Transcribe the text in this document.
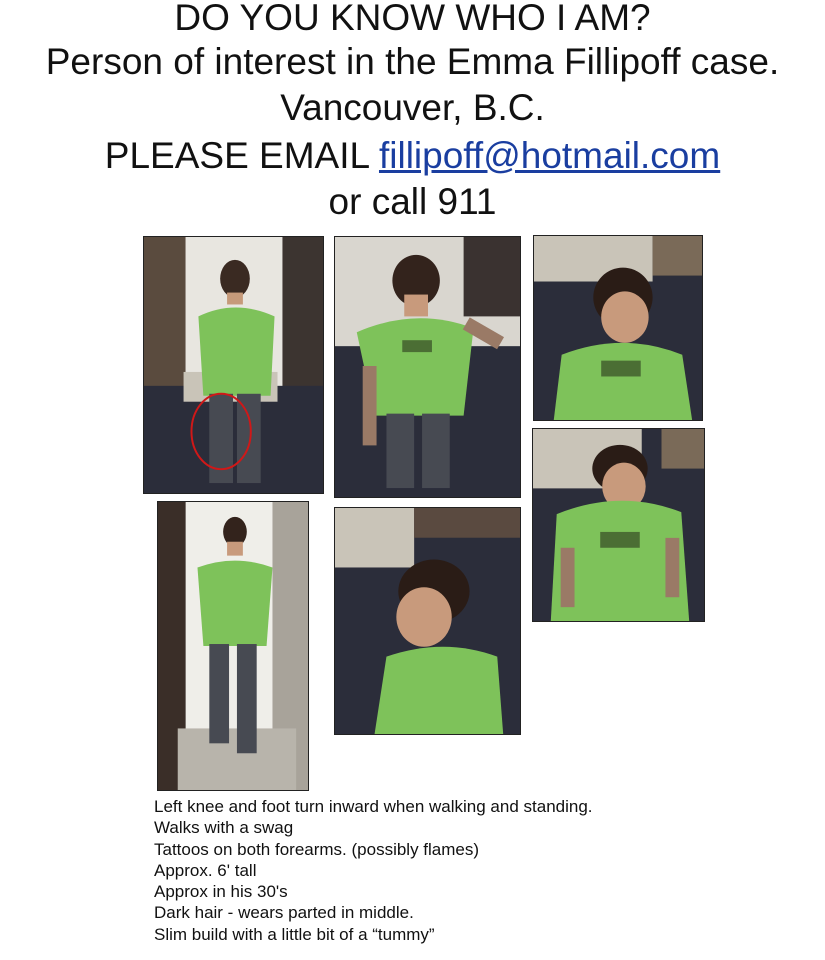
DO YOU KNOW WHO I AM?
Person of interest in the Emma Fillipoff case.
Vancouver, B.C.
PLEASE EMAIL fillipoff@hotmail.com
or call 911
Left knee and foot turn inward when walking and standing.
Walks with a swag
Tattoos on both forearms. (possibly flames)
Approx. 6' tall
Approx in his 30's
Dark hair - wears parted in middle.
Slim build with a little bit of a “tummy”
